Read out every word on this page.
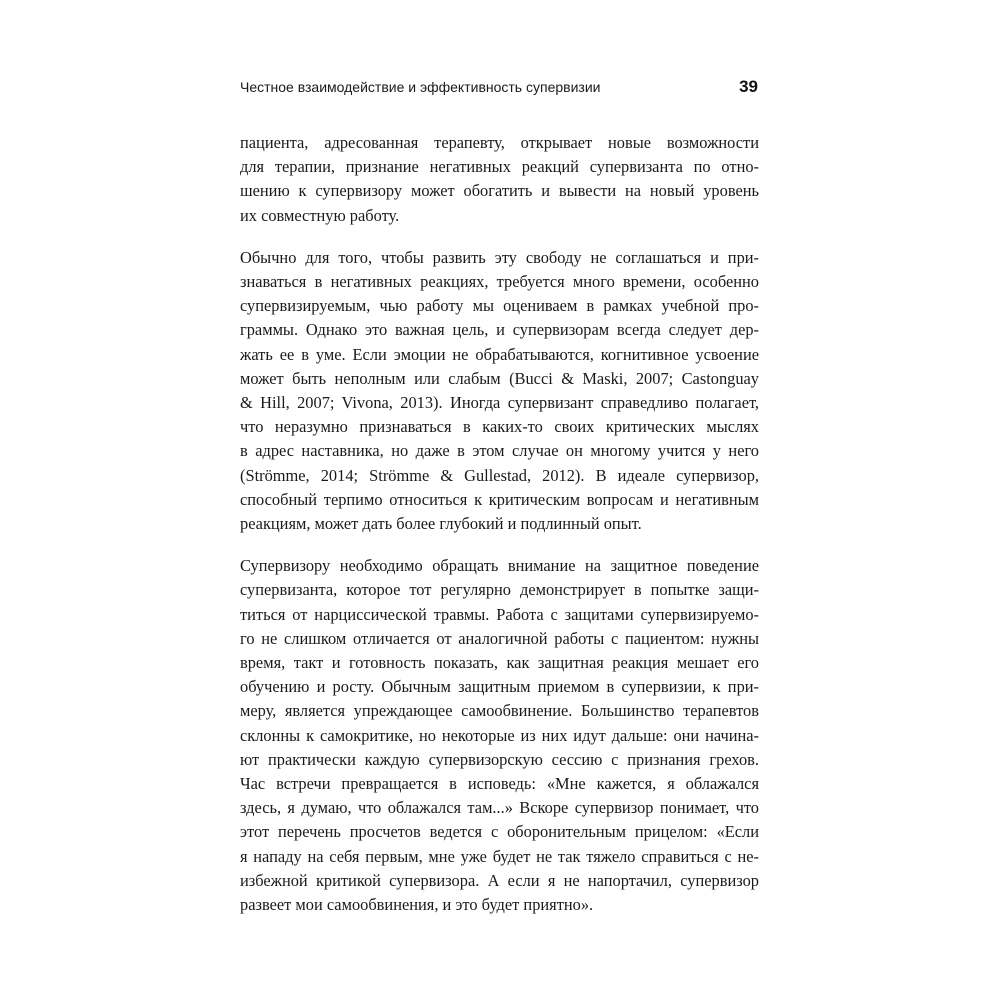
Честное взаимодействие и эффективность супервизии	39

пациента, адресованная терапевту, открывает новые возможности
для терапии, признание негативных реакций супервизанта по отно-
шению к супервизору может обогатить и вывести на новый уровень
их совместную работу.

Обычно для того, чтобы развить эту свободу не соглашаться и при-
знаваться в негативных реакциях, требуется много времени, особенно
супервизируемым, чью работу мы оцениваем в рамках учебной про-
граммы. Однако это важная цель, и супервизорам всегда следует дер-
жать ее в уме. Если эмоции не обрабатываются, когнитивное усвоение
может быть неполным или слабым (Bucci & Maski, 2007; Castonguay
& Hill, 2007; Vivona, 2013). Иногда супервизант справедливо полагает,
что неразумно признаваться в каких-то своих критических мыслях
в адрес наставника, но даже в этом случае он многому учится у него
(Strömme, 2014; Strömme & Gullestad, 2012). В идеале супервизор,
способный терпимо относиться к критическим вопросам и негативным
реакциям, может дать более глубокий и подлинный опыт.

Супервизору необходимо обращать внимание на защитное поведение
супервизанта, которое тот регулярно демонстрирует в попытке защи-
титься от нарциссической травмы. Работа с защитами супервизируемо-
го не слишком отличается от аналогичной работы с пациентом: нужны
время, такт и готовность показать, как защитная реакция мешает его
обучению и росту. Обычным защитным приемом в супервизии, к при-
меру, является упреждающее самообвинение. Большинство терапевтов
склонны к самокритике, но некоторые из них идут дальше: они начина-
ют практически каждую супервизорскую сессию с признания грехов.
Час встречи превращается в исповедь: «Мне кажется, я облажался
здесь, я думаю, что облажался там...» Вскоре супервизор понимает, что
этот перечень просчетов ведется с оборонительным прицелом: «Если
я нападу на себя первым, мне уже будет не так тяжело справиться с не-
избежной критикой супервизора. А если я не напортачил, супервизор
развеет мои самообвинения, и это будет приятно».
